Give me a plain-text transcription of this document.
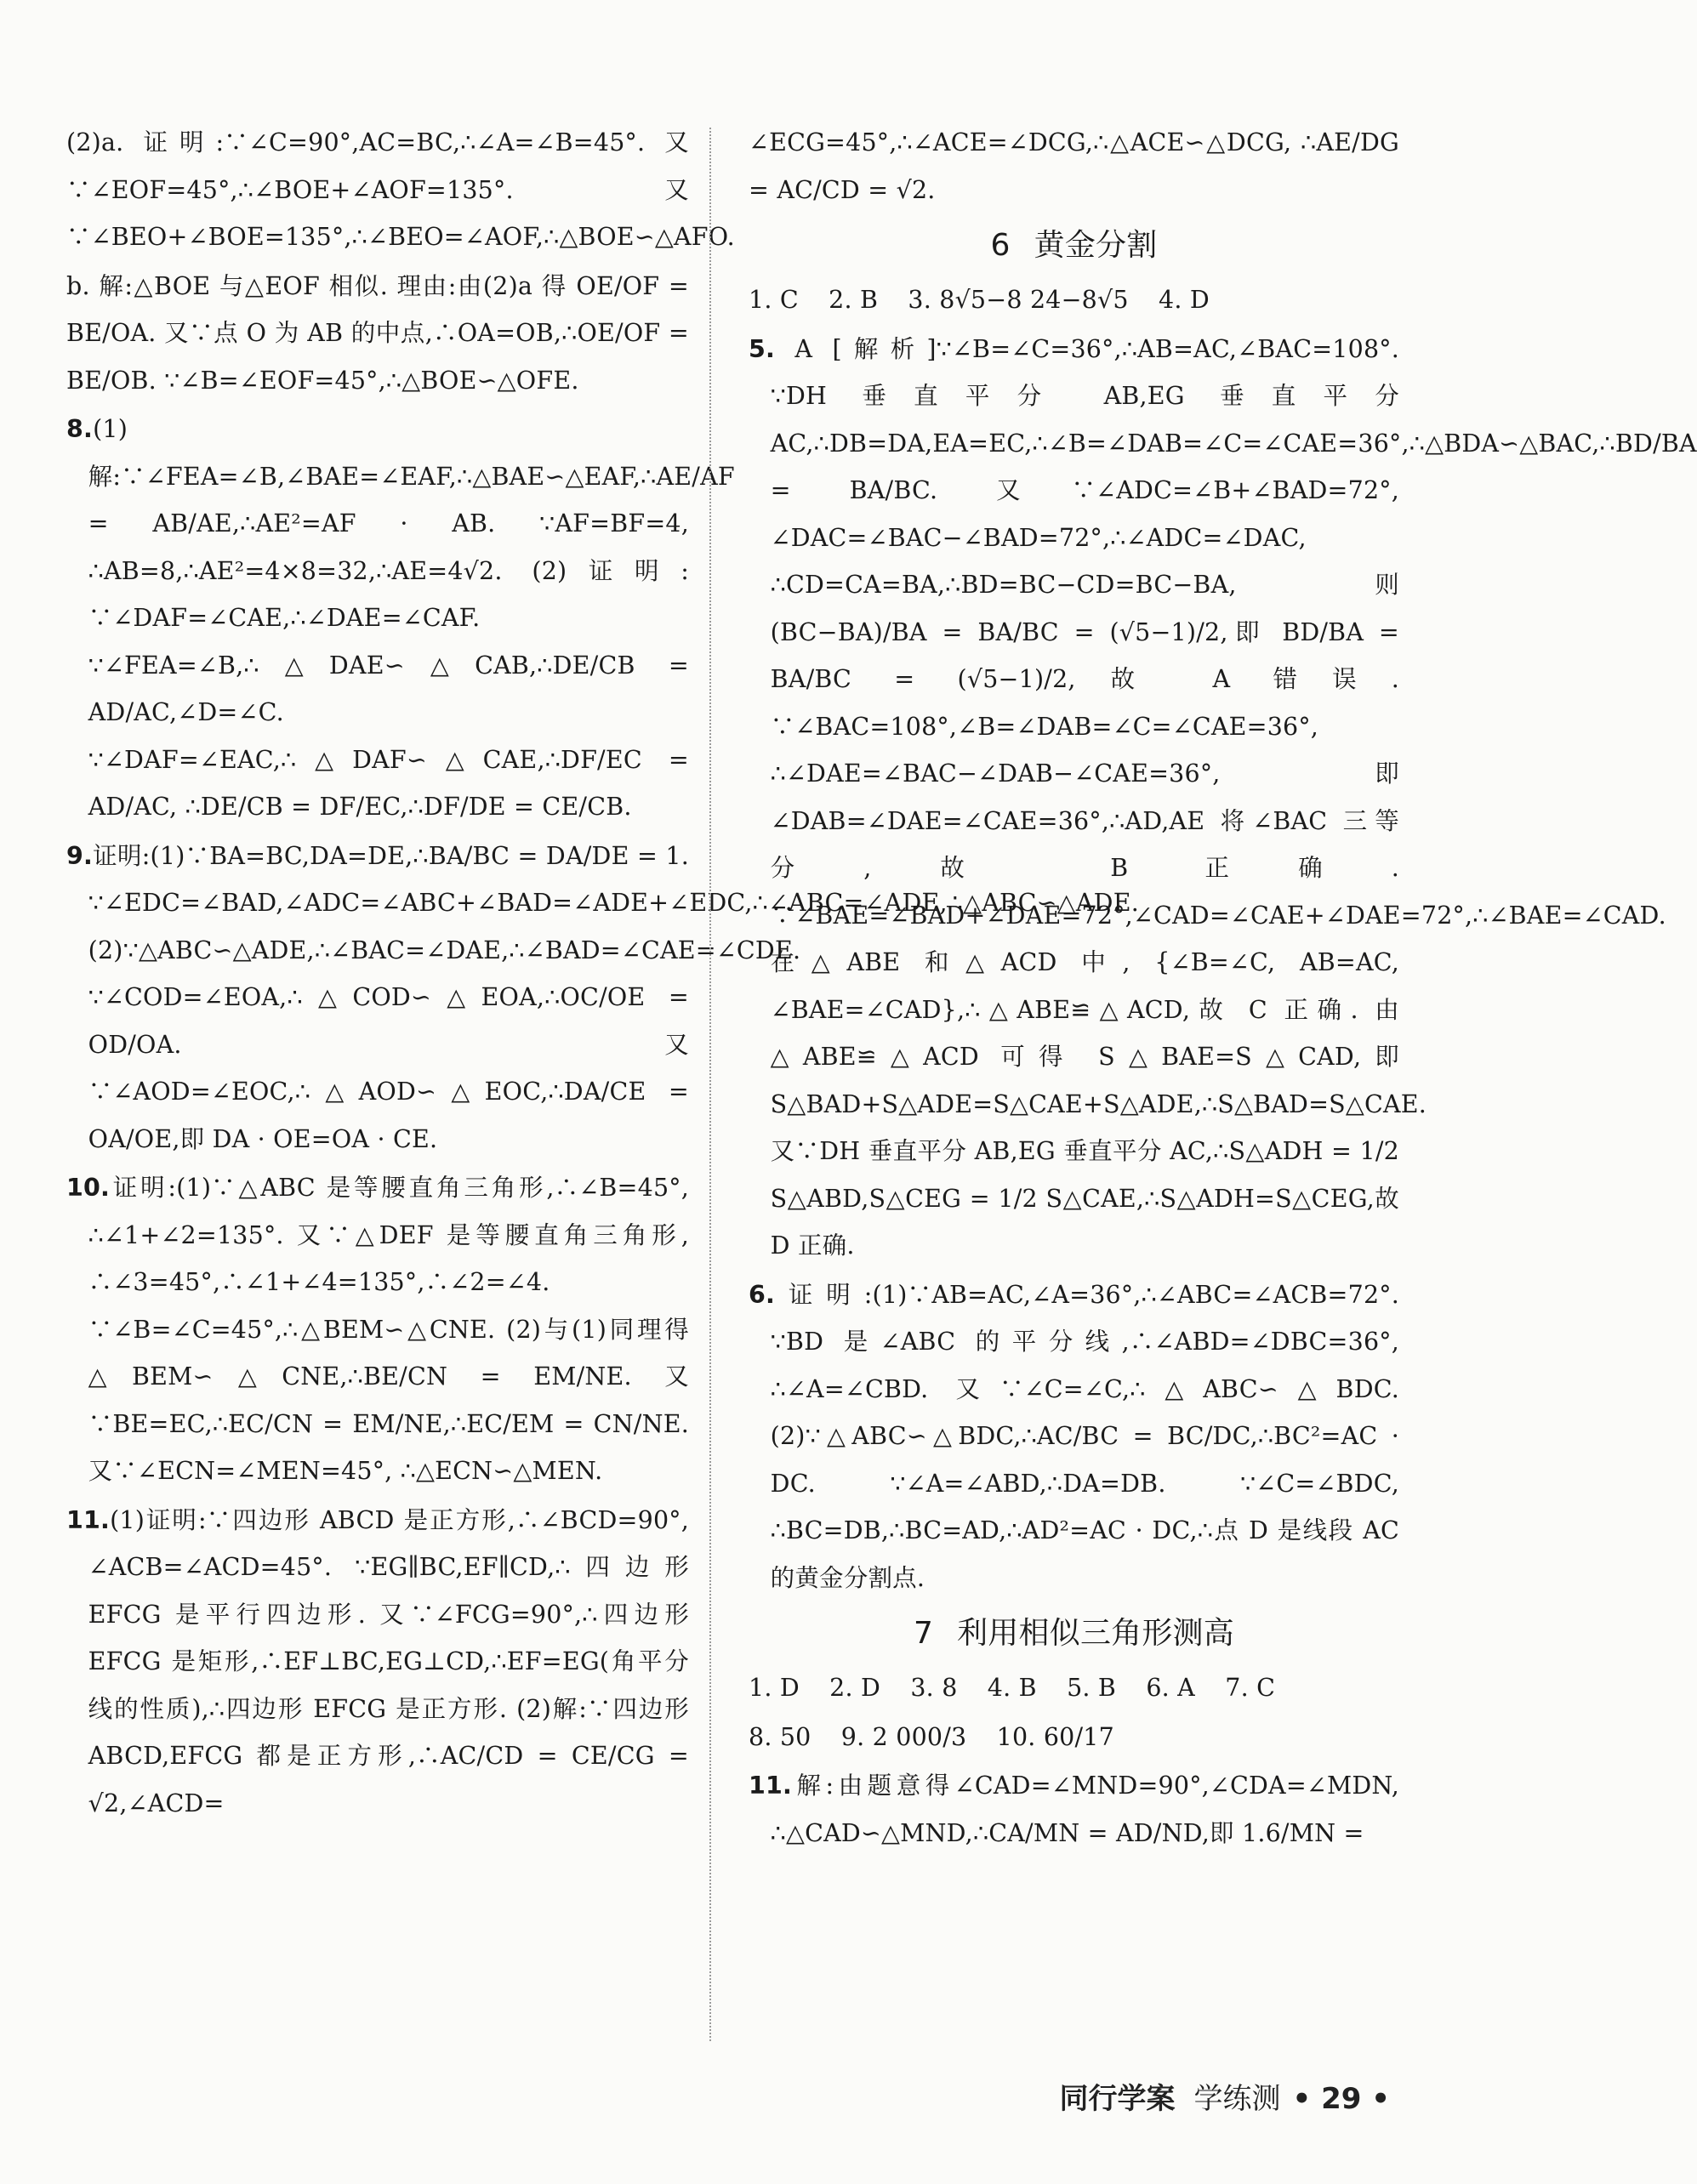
(2)a. 证明:∵∠C=90°,AC=BC,∴∠A=∠B=45°. 又∵∠EOF=45°,∴∠BOE+∠AOF=135°. 又∵∠BEO+∠BOE=135°,∴∠BEO=∠AOF,∴△BOE∽△AFO.

b. 解:△BOE 与△EOF 相似. 理由:由(2)a 得 OE/OF = BE/OA. 又∵点 O 为 AB 的中点,∴OA=OB,∴OE/OF = BE/OB. ∵∠B=∠EOF=45°,∴△BOE∽△OFE.

8.(1)解:∵∠FEA=∠B,∠BAE=∠EAF,∴△BAE∽△EAF,∴AE/AF = AB/AE,∴AE²=AF · AB. ∵AF=BF=4, ∴AB=8,∴AE²=4×8=32,∴AE=4√2. (2)证明: ∵∠DAF=∠CAE,∴∠DAE=∠CAF. ∵∠FEA=∠B,∴△DAE∽△CAB,∴DE/CB = AD/AC,∠D=∠C. ∵∠DAF=∠EAC,∴△DAF∽△CAE,∴DF/EC = AD/AC, ∴DE/CB = DF/EC,∴DF/DE = CE/CB.

9.证明:(1)∵BA=BC,DA=DE,∴BA/BC = DA/DE = 1. ∵∠EDC=∠BAD,∠ADC=∠ABC+∠BAD=∠ADE+∠EDC,∴∠ABC=∠ADE,∴△ABC∽△ADE. (2)∵△ABC∽△ADE,∴∠BAC=∠DAE,∴∠BAD=∠CAE=∠CDE. ∵∠COD=∠EOA,∴△COD∽△EOA,∴OC/OE = OD/OA. 又∵∠AOD=∠EOC,∴△AOD∽△EOC,∴DA/CE = OA/OE,即 DA · OE=OA · CE.

10.证明:(1)∵△ABC 是等腰直角三角形,∴∠B=45°, ∴∠1+∠2=135°. 又∵△DEF 是等腰直角三角形, ∴∠3=45°,∴∠1+∠4=135°,∴∠2=∠4. ∵∠B=∠C=45°,∴△BEM∽△CNE. (2)与(1)同理得 △BEM∽△CNE,∴BE/CN = EM/NE. 又∵BE=EC,∴EC/CN = EM/NE,∴EC/EM = CN/NE. 又∵∠ECN=∠MEN=45°, ∴△ECN∽△MEN.

11.(1)证明:∵四边形 ABCD 是正方形,∴∠BCD=90°, ∠ACB=∠ACD=45°. ∵EG∥BC,EF∥CD,∴四边形 EFCG 是平行四边形. 又∵∠FCG=90°,∴四边形 EFCG 是矩形,∴EF⊥BC,EG⊥CD,∴EF=EG(角平分线的性质),∴四边形 EFCG 是正方形. (2)解:∵四边形 ABCD,EFCG 都是正方形,∴AC/CD = CE/CG = √2,∠ACD=

∠ECG=45°,∴∠ACE=∠DCG,∴△ACE∽△DCG, ∴AE/DG = AC/CD = √2.

6 黄金分割

1. C 2. B 3. 8√5−8 24−8√5 4. D

5. A [解析]∵∠B=∠C=36°,∴AB=AC,∠BAC=108°. ∵DH 垂直平分 AB,EG 垂直平分 AC,∴DB=DA,EA=EC,∴∠B=∠DAB=∠C=∠CAE=36°,∴△BDA∽△BAC,∴BD/BA = BA/BC. 又∵∠ADC=∠B+∠BAD=72°, ∠DAC=∠BAC−∠BAD=72°,∴∠ADC=∠DAC, ∴CD=CA=BA,∴BD=BC−CD=BC−BA,则 (BC−BA)/BA = BA/BC = (√5−1)/2,即 BD/BA = BA/BC = (√5−1)/2,故 A 错误. ∵∠BAC=108°,∠B=∠DAB=∠C=∠CAE=36°, ∴∠DAE=∠BAC−∠DAB−∠CAE=36°,即∠DAB=∠DAE=∠CAE=36°,∴AD,AE 将∠BAC 三等分,故 B 正确. ∵∠BAE=∠BAD+∠DAE=72°,∠CAD=∠CAE+∠DAE=72°,∴∠BAE=∠CAD. 在△ABE 和△ACD 中, {∠B=∠C, AB=AC, ∠BAE=∠CAD},∴△ABE≌△ACD,故 C 正确. 由△ABE≌△ACD 可得 S△BAE=S△CAD,即 S△BAD+S△ADE=S△CAE+S△ADE,∴S△BAD=S△CAE. 又∵DH 垂直平分 AB,EG 垂直平分 AC,∴S△ADH = 1/2 S△ABD,S△CEG = 1/2 S△CAE,∴S△ADH=S△CEG,故 D 正确.

6.证明:(1)∵AB=AC,∠A=36°,∴∠ABC=∠ACB=72°. ∵BD 是∠ABC 的平分线,∴∠ABD=∠DBC=36°, ∴∠A=∠CBD. 又∵∠C=∠C,∴△ABC∽△BDC. (2)∵△ABC∽△BDC,∴AC/BC = BC/DC,∴BC²=AC · DC. ∵∠A=∠ABD,∴DA=DB. ∵∠C=∠BDC, ∴BC=DB,∴BC=AD,∴AD²=AC · DC,∴点 D 是线段 AC 的黄金分割点.

7 利用相似三角形测高

1. D 2. D 3. 8 4. B 5. B 6. A 7. C

8. 50 9. 2 000/3 10. 60/17

11.解:由题意得∠CAD=∠MND=90°,∠CDA=∠MDN, ∴△CAD∽△MND,∴CA/MN = AD/ND,即 1.6/MN =

同行学案 学练测 • 29 •
